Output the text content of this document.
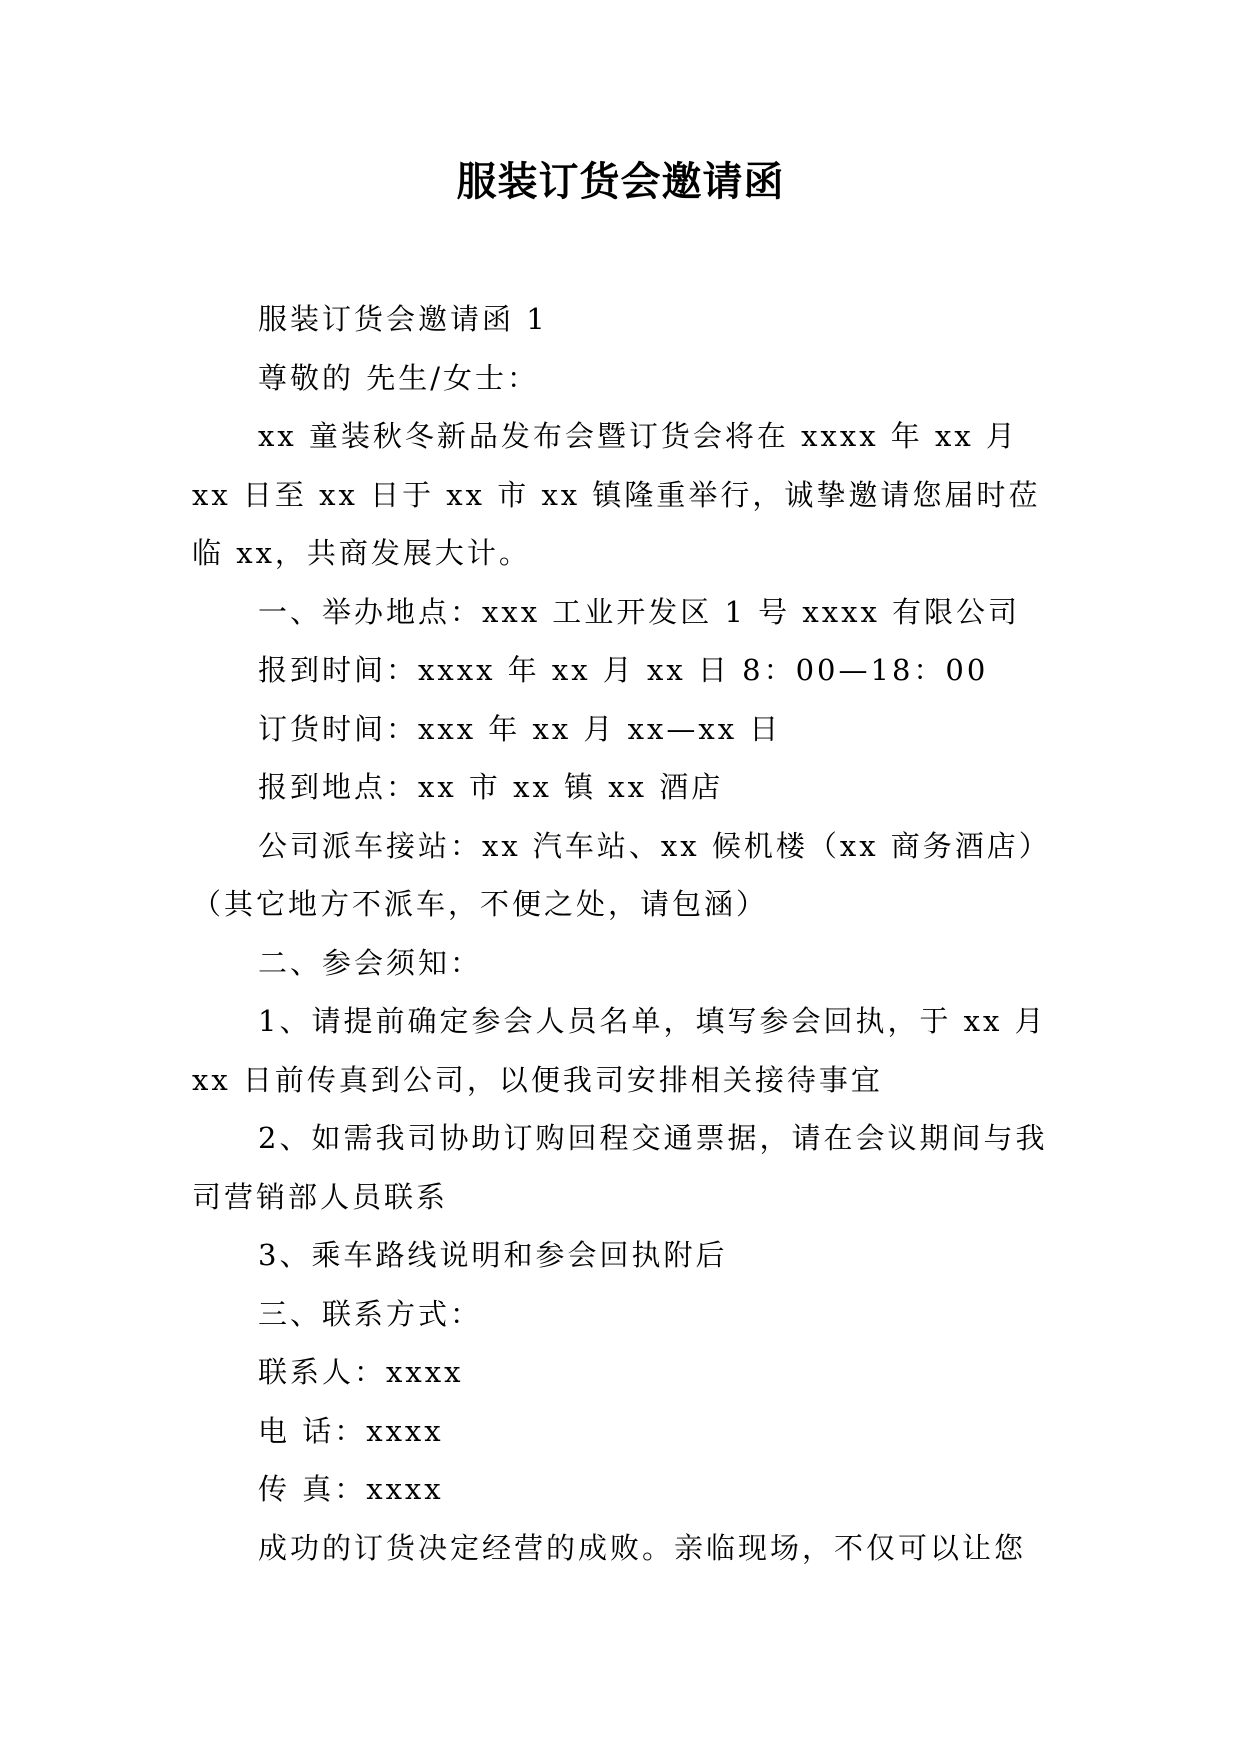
服装订货会邀请函

服装订货会邀请函 1

尊敬的 先生/女士：

xx 童装秋冬新品发布会暨订货会将在 xxxx 年 xx 月 xx 日至 xx 日于 xx 市 xx 镇隆重举行，诚挚邀请您届时莅临 xx，共商发展大计。

一、举办地点：xxx 工业开发区 1 号 xxxx 有限公司

报到时间：xxxx 年 xx 月 xx 日 8：00—18：00

订货时间：xxx 年 xx 月 xx—xx 日

报到地点：xx 市 xx 镇 xx 酒店

公司派车接站：xx 汽车站、xx 候机楼（xx 商务酒店）（其它地方不派车，不便之处，请包涵）

二、参会须知：

1、请提前确定参会人员名单，填写参会回执，于 xx 月 xx 日前传真到公司，以便我司安排相关接待事宜

2、如需我司协助订购回程交通票据，请在会议期间与我司营销部人员联系

3、乘车路线说明和参会回执附后

三、联系方式：

联系人：xxxx

电 话：xxxx

传 真：xxxx

成功的订货决定经营的成败。亲临现场，不仅可以让您
